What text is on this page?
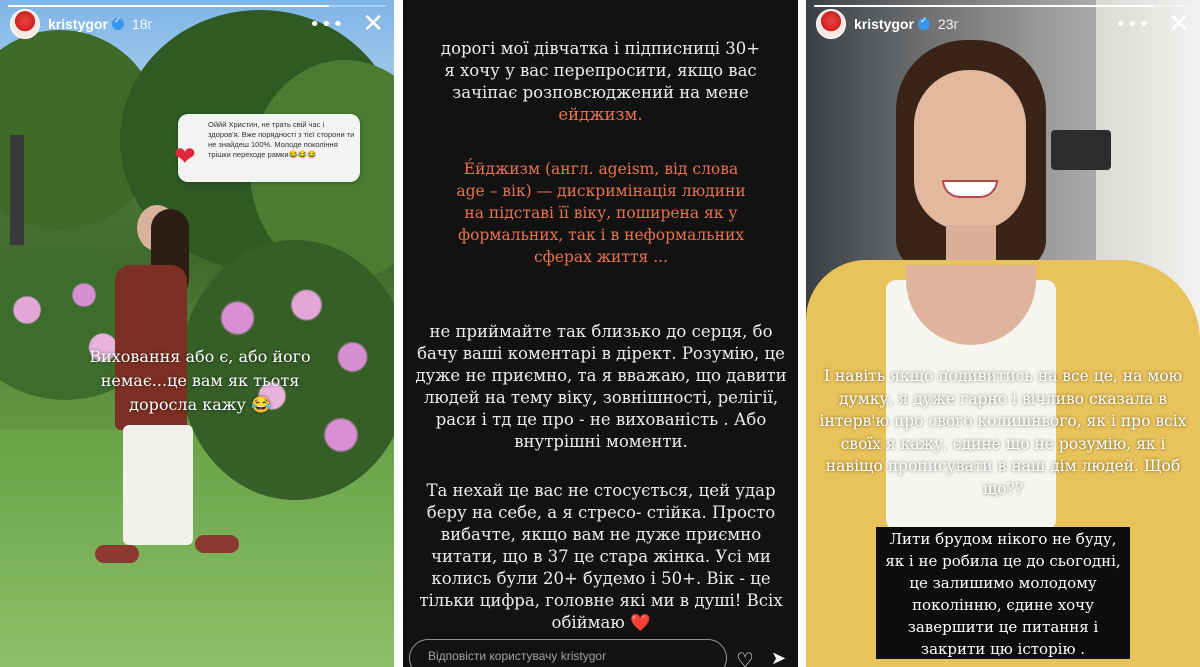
kristygor ✓ 18г	••• ✕
❤
Оййй Христин, не трать свій час і здоров'я. Вже порядності з тієї сторони ти не знайдеш 100%. Молоде покоління трішки переходе рамки😂😂😂
Виховання або є, або його немає...це вам як тьотя доросла кажу 😂
дорогі мої дівчатка і підписниці 30+
я хочу у вас перепросити, якщо вас
зачіпає розповсюджений на мене
ейджизм.
Е́йджизм (англ. ageism, від слова age – вік) — дискримінація людини на підставі її віку, поширена як у формальних, так і в неформальних сферах життя ...
не приймайте так близько до серця, бо бачу ваші коментарі в дірект. Розумію, це дуже не приємно, та я вважаю, що давити людей на тему віку, зовнішності, релігії, раси і тд це про - не вихованість . Або внутрішні моменти.
Та нехай це вас не стосується, цей удар беру на себе, а я стресо- стійка. Просто вибачте, якщо вам не дуже приємно читати, що в 37 це стара жінка. Усі ми колись були 20+ будемо і 50+. Вік - це тільки цифра, головне які ми в душі! Всіх обіймаю ❤️
Відповісти користувачу kristygor	♡ ➤
kristygor ✓ 23г	••• ✕
І навіть якщо подивитись на все це, на мою думку, я дуже гарно і вічливо сказала в інтерв'ю про свого колишнього, як і про всіх своїх я кажу, єдине що не розумію, як і навіщо прописувати в наш дім людей. Щоб що??
Лити брудом нікого не буду, як і не робила це до сьогодні, це залишимо молодому поколінню, єдине хочу завершити це питання і закрити цю історію .
